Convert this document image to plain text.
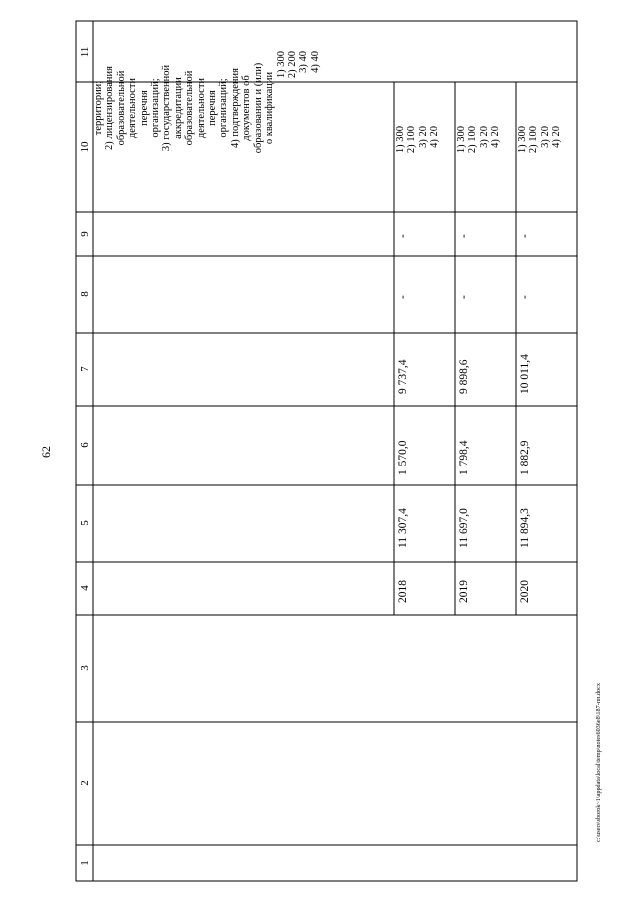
62
1
2
3
4
5
6
7
8
9
10
11
территории; 2) лицензирования образовательной деятельности перечня организаций; 3) государственной аккредитации образовательной деятельности перечня организаций; 4) подтверждения документов об образовании и (или) о квалификации
1) 300 2) 200 3) 40 4) 40
2018
11 307,4
1 570,0
9 737,4
-
-
1) 300 2) 100 3) 20 4) 20
2019
11 697,0
1 798,4
9 898,6
-
-
1) 300 2) 100 3) 20 4) 20
2020
11 894,3
1 882,9
10 011,4
-
-
1) 300 2) 100 3) 20 4) 20
c:\users\sborok~1\appdata\local\temp\notes6036e8\187-пп.docx
